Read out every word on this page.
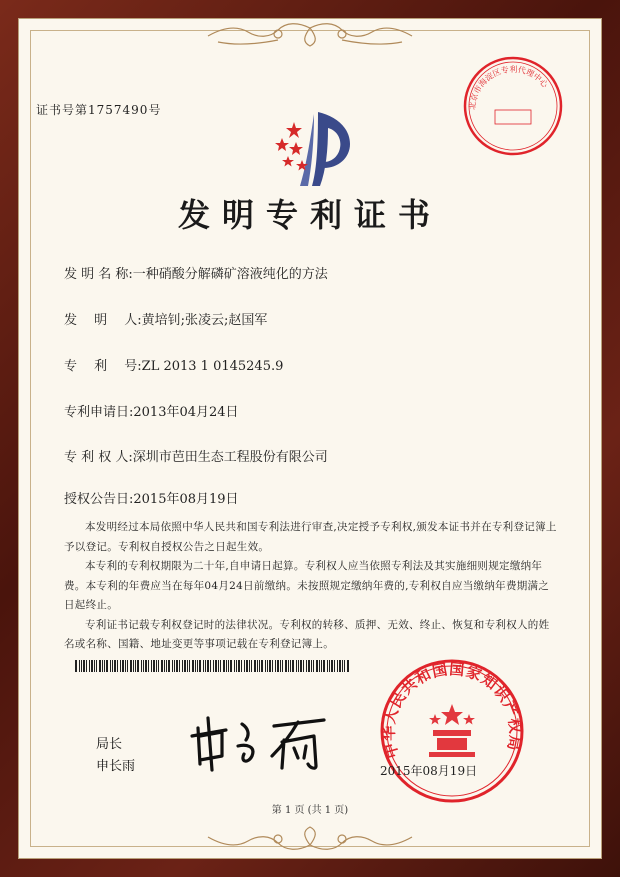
证书号第1757490号	北京市海淀区专利代理中心
发明专利证书
发 明 名 称:一种硝酸分解磷矿溶液纯化的方法
发　 明　 人:黄培钊;张凌云;赵国军
专　 利　 号:ZL 2013 1 0145245.9
专利申请日:2013年04月24日
专 利 权 人:深圳市芭田生态工程股份有限公司
授权公告日:2015年08月19日

本发明经过本局依照中华人民共和国专利法进行审查,决定授予专利权,颁发本证书并在专利登记簿上予以登记。专利权自授权公告之日起生效。

本专利的专利权期限为二十年,自申请日起算。专利权人应当依照专利法及其实施细则规定缴纳年费。本专利的年费应当在每年04月24日前缴纳。未按照规定缴纳年费的,专利权自应当缴纳年费期满之日起终止。

专利证书记载专利权登记时的法律状况。专利权的转移、质押、无效、终止、恢复和专利权人的姓名或名称、国籍、地址变更等事项记载在专利登记簿上。

局长
申长雨
中华人民共和国国家知识产权局
2015年08月19日
第 1 页 (共 1 页)
